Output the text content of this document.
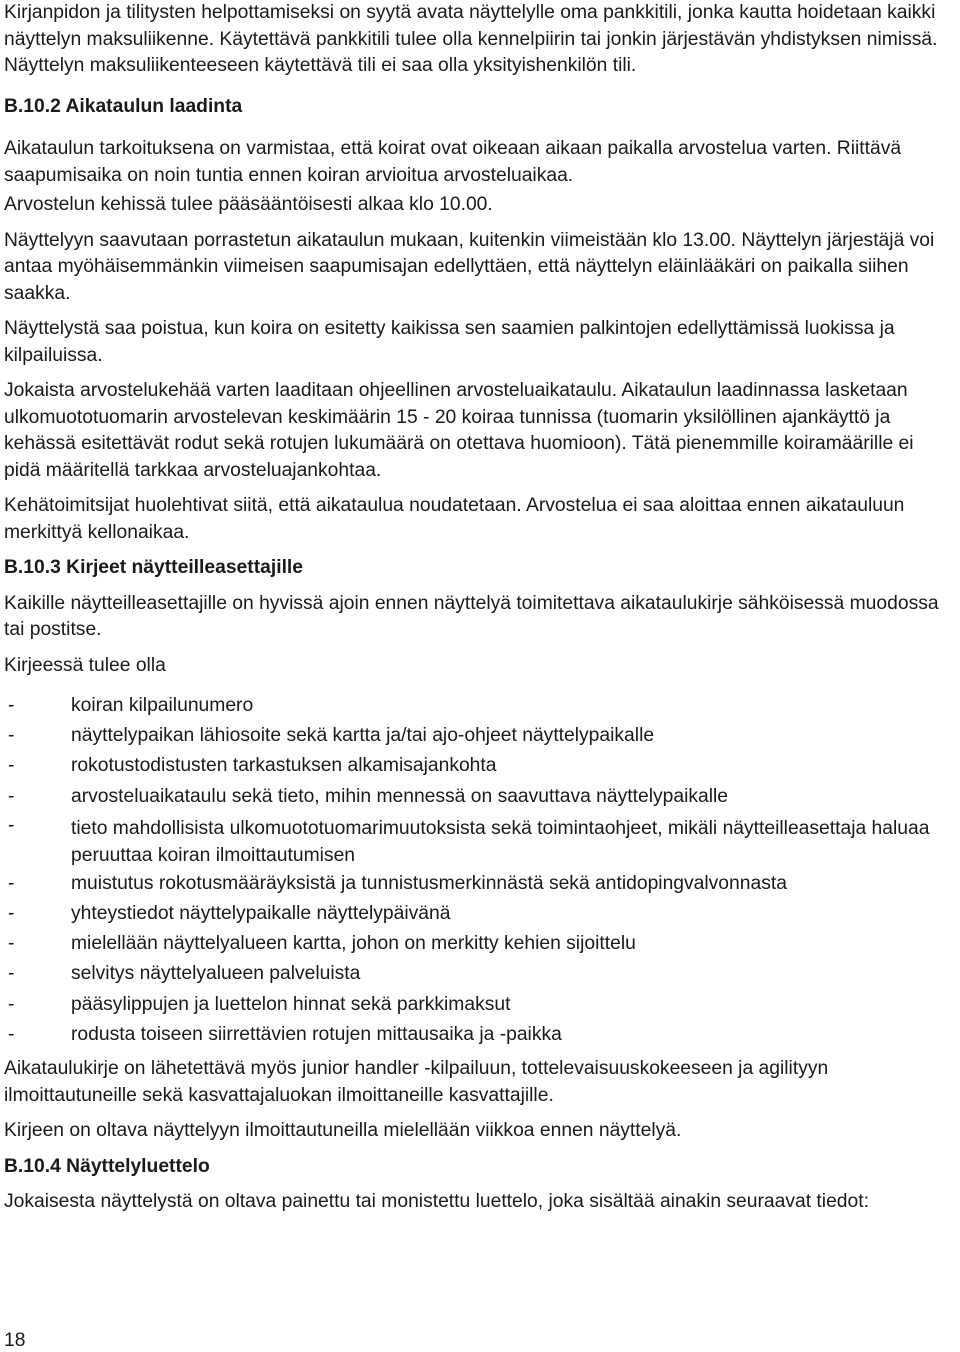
Kirjanpidon ja tilitysten helpottamiseksi on syytä avata näyttelylle oma pankkitili, jonka kautta hoidetaan kaikki näyttelyn maksuliikenne. Käytettävä pankkitili tulee olla kennelpiirin tai jonkin järjestävän yhdistyksen nimissä. Näyttelyn maksuliikenteeseen käytettävä tili ei saa olla yksityishenkilön tili.

B.10.2 Aikataulun laadinta

Aikataulun tarkoituksena on varmistaa, että koirat ovat oikeaan aikaan paikalla arvostelua varten. Riittävä saapumisaika on noin tuntia ennen koiran arvioitua arvosteluaikaa.

Arvostelun kehissä tulee pääsääntöisesti alkaa klo 10.00.

Näyttelyyn saavutaan porrastetun aikataulun mukaan, kuitenkin viimeistään klo 13.00. Näyttelyn järjestäjä voi antaa myöhäisemmänkin viimeisen saapumisajan edellyttäen, että näyttelyn eläinlääkäri on paikalla siihen saakka.

Näyttelystä saa poistua, kun koira on esitetty kaikissa sen saamien palkintojen edellyttämissä luokissa ja kilpailuissa.

Jokaista arvostelukehää varten laaditaan ohjeellinen arvosteluaikataulu. Aikataulun laadinnassa lasketaan ulkomuototuomarin arvostelevan keskimäärin 15 - 20 koiraa tunnissa (tuomarin yksilöllinen ajankäyttö ja kehässä esitettävät rodut sekä rotujen lukumäärä on otettava huomioon). Tätä pienemmille koiramäärille ei pidä määritellä tarkkaa arvosteluajankohtaa.

Kehätoimitsijat huolehtivat siitä, että aikataulua noudatetaan. Arvostelua ei saa aloittaa ennen aikatauluun merkittyä kellonaikaa.

B.10.3 Kirjeet näytteilleasettajille

Kaikille näytteilleasettajille on hyvissä ajoin ennen näyttelyä toimitettava aikataulukirje sähköisessä muodossa tai postitse.

Kirjeessä tulee olla

-	koiran kilpailunumero
-	näyttelypaikan lähiosoite sekä kartta ja/tai ajo-ohjeet näyttelypaikalle
-	rokotustodistusten tarkastuksen alkamisajankohta
-	arvosteluaikataulu sekä tieto, mihin mennessä on saavuttava näyttelypaikalle
-	tieto mahdollisista ulkomuototuomarimuutoksista sekä toimintaohjeet, mikäli näytteilleasettaja haluaa peruuttaa koiran ilmoittautumisen
-	muistutus rokotusmääräyksistä ja tunnistusmerkinnästä sekä antidopingvalvonnasta
-	yhteystiedot näyttelypaikalle näyttelypäivänä
-	mielellään näyttelyalueen kartta, johon on merkitty kehien sijoittelu
-	selvitys näyttelyalueen palveluista
-	pääsylippujen ja luettelon hinnat sekä parkkimaksut
-	rodusta toiseen siirrettävien rotujen mittausaika ja -paikka

Aikataulukirje on lähetettävä myös junior handler -kilpailuun, tottelevaisuuskokeeseen ja agilityyn ilmoittautuneille sekä kasvattajaluokan ilmoittaneille kasvattajille.

Kirjeen on oltava näyttelyyn ilmoittautuneilla mielellään viikkoa ennen näyttelyä.

B.10.4 Näyttelyluettelo

Jokaisesta näyttelystä on oltava painettu tai monistettu luettelo, joka sisältää ainakin seuraavat tiedot:

18
